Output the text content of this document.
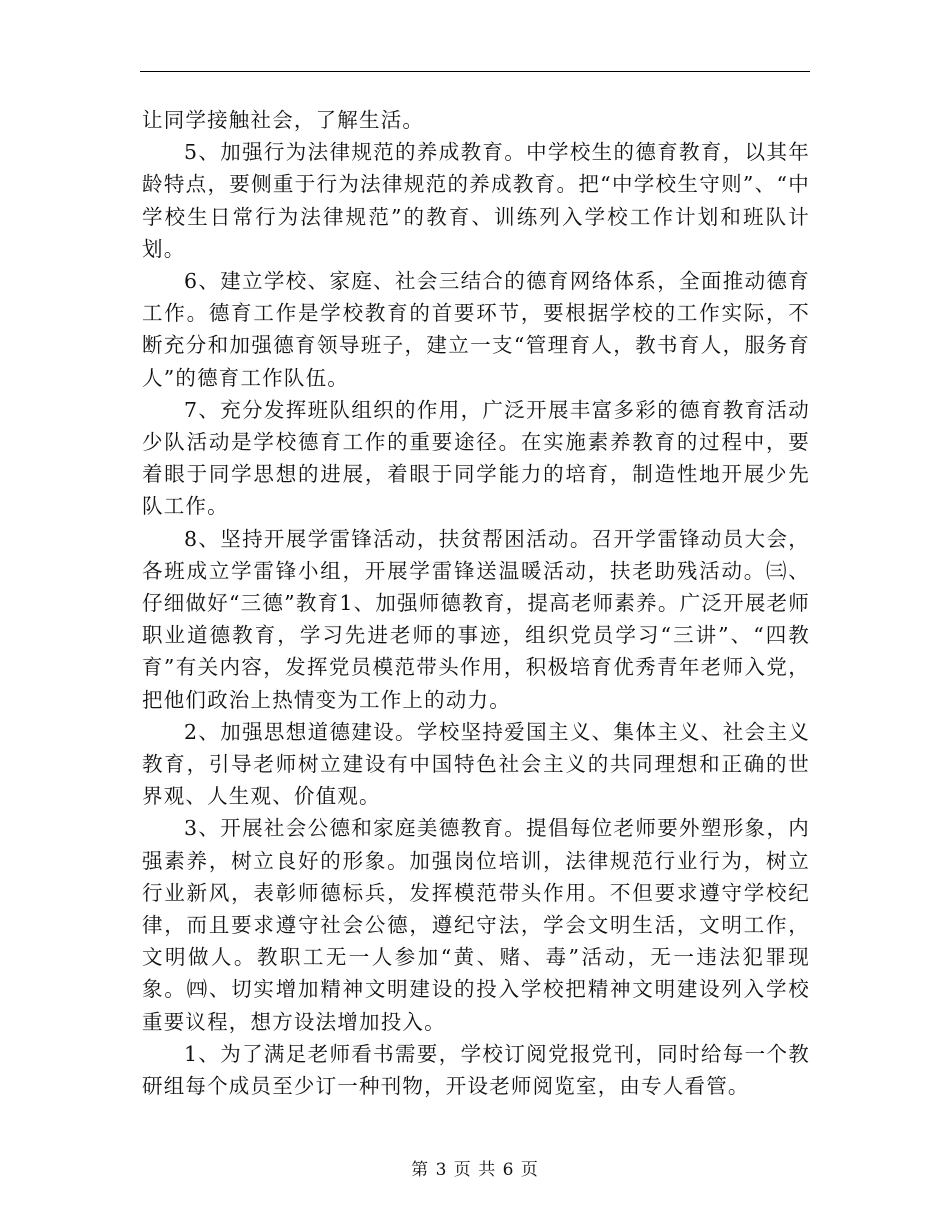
让同学接触社会，了解生活。

5、加强行为法律规范的养成教育。中学校生的德育教育，以其年龄特点，要侧重于行为法律规范的养成教育。把“中学校生守则”、“中学校生日常行为法律规范”的教育、训练列入学校工作计划和班队计划。

6、建立学校、家庭、社会三结合的德育网络体系，全面推动德育工作。德育工作是学校教育的首要环节，要根据学校的工作实际，不断充分和加强德育领导班子，建立一支“管理育人，教书育人，服务育人”的德育工作队伍。

7、充分发挥班队组织的作用，广泛开展丰富多彩的德育教育活动少队活动是学校德育工作的重要途径。在实施素养教育的过程中，要着眼于同学思想的进展，着眼于同学能力的培育，制造性地开展少先队工作。

8、坚持开展学雷锋活动，扶贫帮困活动。召开学雷锋动员大会，各班成立学雷锋小组，开展学雷锋送温暖活动，扶老助残活动。㈢、仔细做好“三德”教育1、加强师德教育，提高老师素养。广泛开展老师职业道德教育，学习先进老师的事迹，组织党员学习“三讲”、“四教育”有关内容，发挥党员模范带头作用，积极培育优秀青年老师入党，把他们政治上热情变为工作上的动力。

2、加强思想道德建设。学校坚持爱国主义、集体主义、社会主义教育，引导老师树立建设有中国特色社会主义的共同理想和正确的世界观、人生观、价值观。

3、开展社会公德和家庭美德教育。提倡每位老师要外塑形象，内强素养，树立良好的形象。加强岗位培训，法律规范行业行为，树立行业新风，表彰师德标兵，发挥模范带头作用。不但要求遵守学校纪律，而且要求遵守社会公德，遵纪守法，学会文明生活，文明工作，文明做人。教职工无一人参加“黄、赌、毒”活动，无一违法犯罪现象。㈣、切实增加精神文明建设的投入学校把精神文明建设列入学校重要议程，想方设法增加投入。

1、为了满足老师看书需要，学校订阅党报党刊，同时给每一个教研组每个成员至少订一种刊物，开设老师阅览室，由专人看管。

第 3 页 共 6 页
